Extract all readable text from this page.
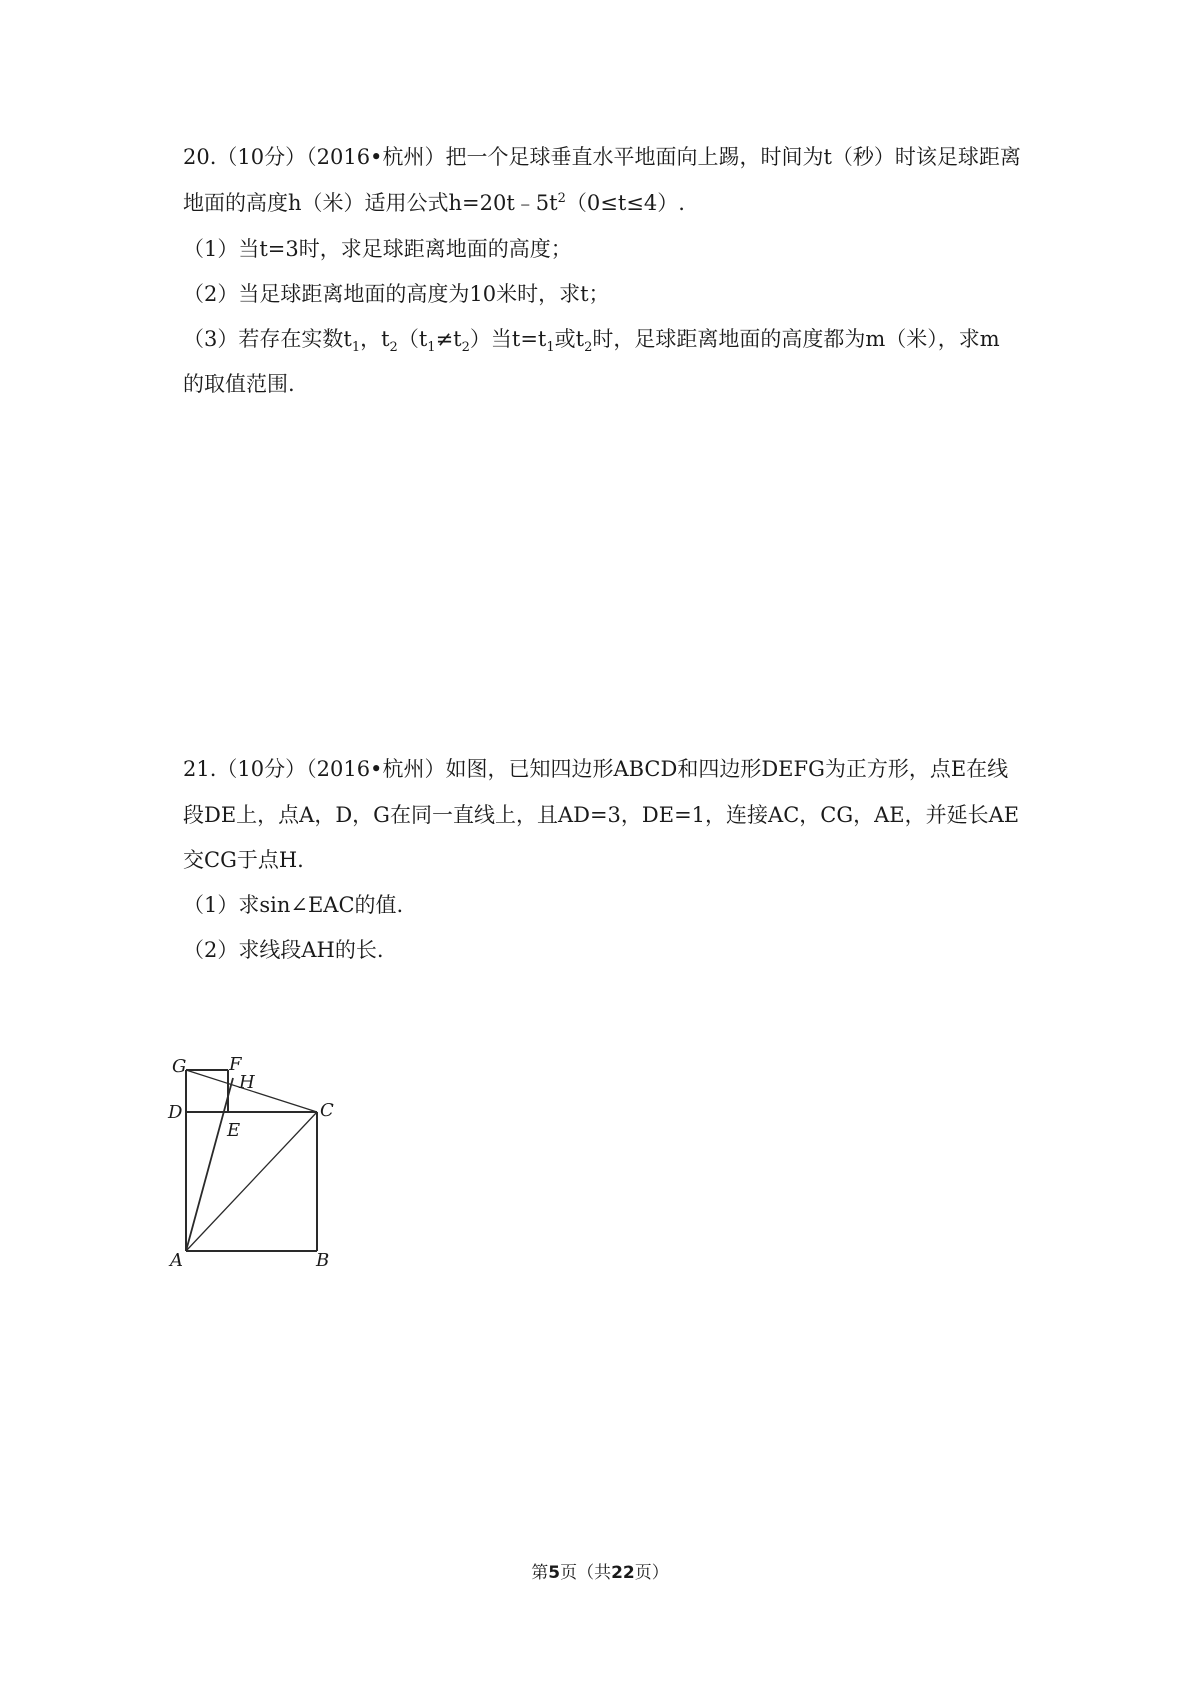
20.（10分）（2016•杭州）把一个足球垂直水平地面向上踢，时间为t（秒）时该足球距离
地面的高度h（米）适用公式$h=20t﹣5t^2(0\le t\le 4)$.
（1）当t=3时，求足球距离地面的高度；
（2）当足球距离地面的高度为10米时，求t；
（3）若存在实数$t_1$，$t_2(t_1\ne t_2)$当$t=t_1$或$t_2$时，足球距离地面的高度都为m（米），求m
的取值范围.
21.（10分）（2016•杭州）如图，已知四边形ABCD和四边形DEFG为正方形，点E在线
段DE上，点A，D，G在同一直线上，且AD=3，DE=1，连接AC，CG，AE，并延长AE
交CG于点H.
（1）求sin∠EAC的值.
（2）求线段AH的长.
G F
H
D	C
E
A	B
第5页（共22页）
